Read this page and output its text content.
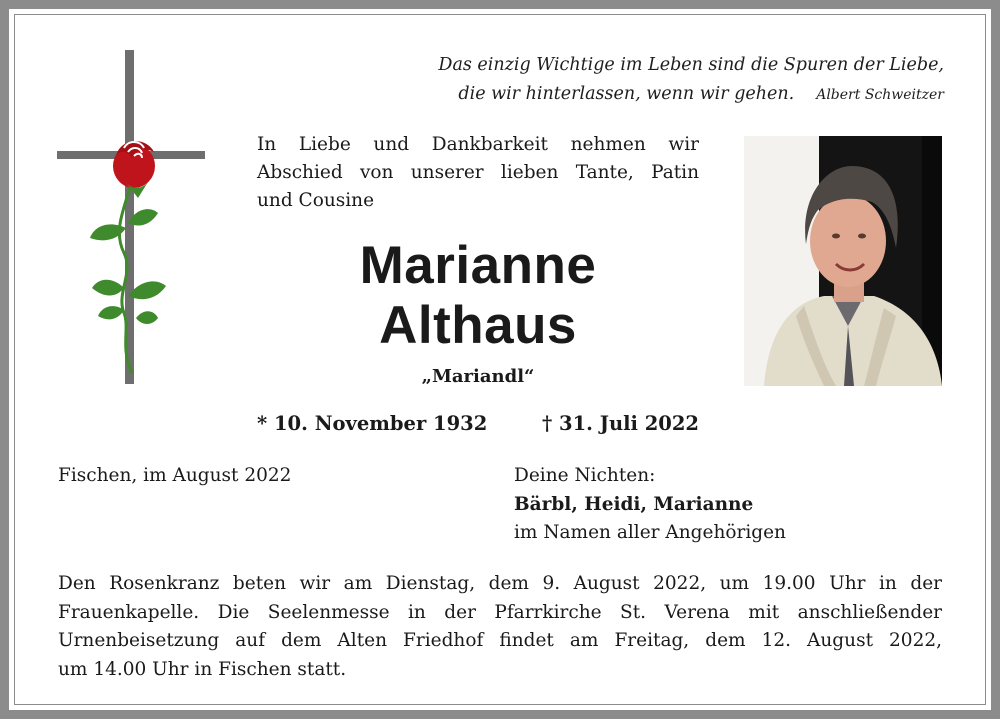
Das einzig Wichtige im Leben sind die Spuren der Liebe,
die wir hinterlassen, wenn wir gehen. Albert Schweitzer
In Liebe und Dankbarkeit nehmen wir
Abschied von unserer lieben Tante, Patin
und Cousine
Marianne
Althaus
„Mariandl“
* 10. November 1932	† 31. Juli 2022
Fischen, im August 2022	Deine Nichten:
Bärbl, Heidi, Marianne
im Namen aller Angehörigen
Den Rosenkranz beten wir am Dienstag, dem 9. August 2022, um 19.00 Uhr in der
Frauenkapelle. Die Seelenmesse in der Pfarrkirche St. Verena mit anschließender
Urnenbeisetzung auf dem Alten Friedhof findet am Freitag, dem 12. August 2022,
um 14.00 Uhr in Fischen statt.
